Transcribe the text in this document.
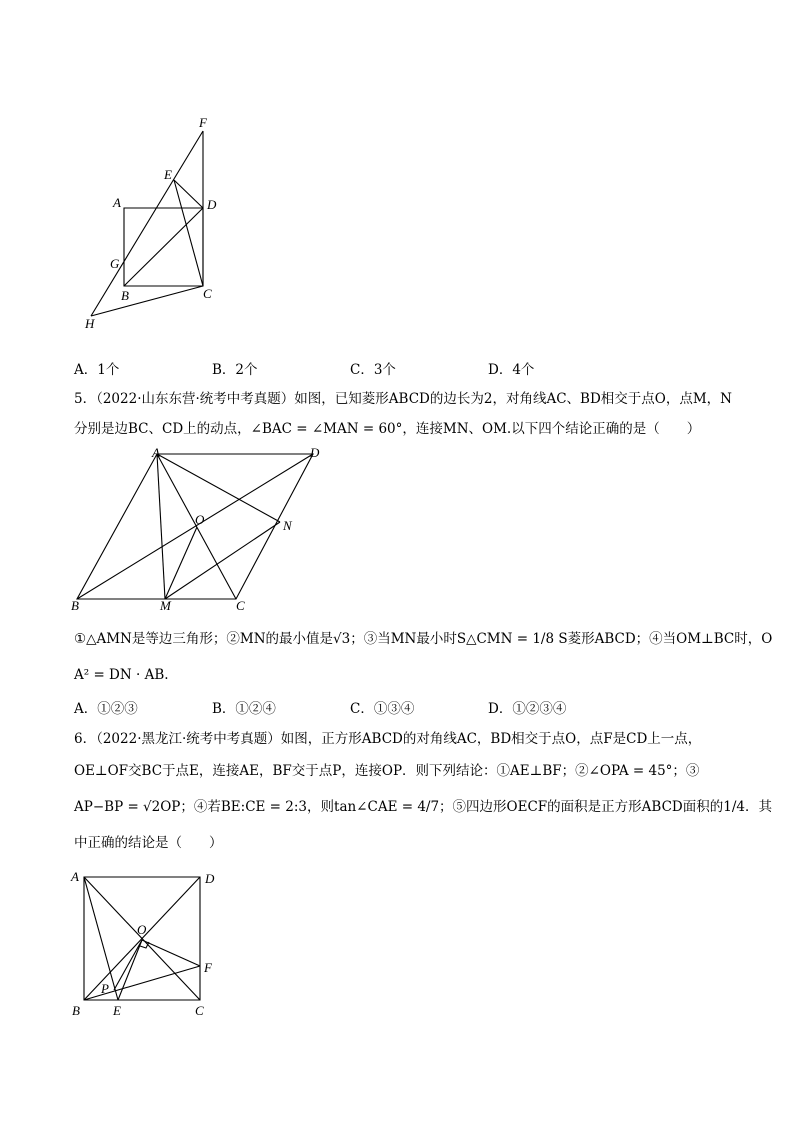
F
E
A	D
G
B	C
H
A．1个	B．2个	C．3个	D．4个
5．（2022·山东东营·统考中考真题）如图，已知菱形ABCD的边长为2，对角线AC、BD相交于点O，点M，N
分别是边BC、CD上的动点，∠BAC = ∠MAN = 60°，连接MN、OM.以下四个结论正确的是（　　）
A	D
O	N
B	M	C
①△AMN是等边三角形；②MN的最小值是√3；③当MN最小时S△CMN = 1/8 S菱形ABCD；④当OM⊥BC时，O
A² = DN · AB.
A．①②③	B．①②④	C．①③④	D．①②③④
6．（2022·黑龙江·统考中考真题）如图，正方形ABCD的对角线AC，BD相交于点O，点F是CD上一点，
OE⊥OF交BC于点E，连接AE，BF交于点P，连接OP．则下列结论：①AE⊥BF；②∠OPA = 45°；③
AP−BP = √2OP；④若BE:CE = 2:3，则tan∠CAE = 4/7；⑤四边形OECF的面积是正方形ABCD面积的1/4．其
中正确的结论是（　　）
A	D
O
F
P
B	E	C
